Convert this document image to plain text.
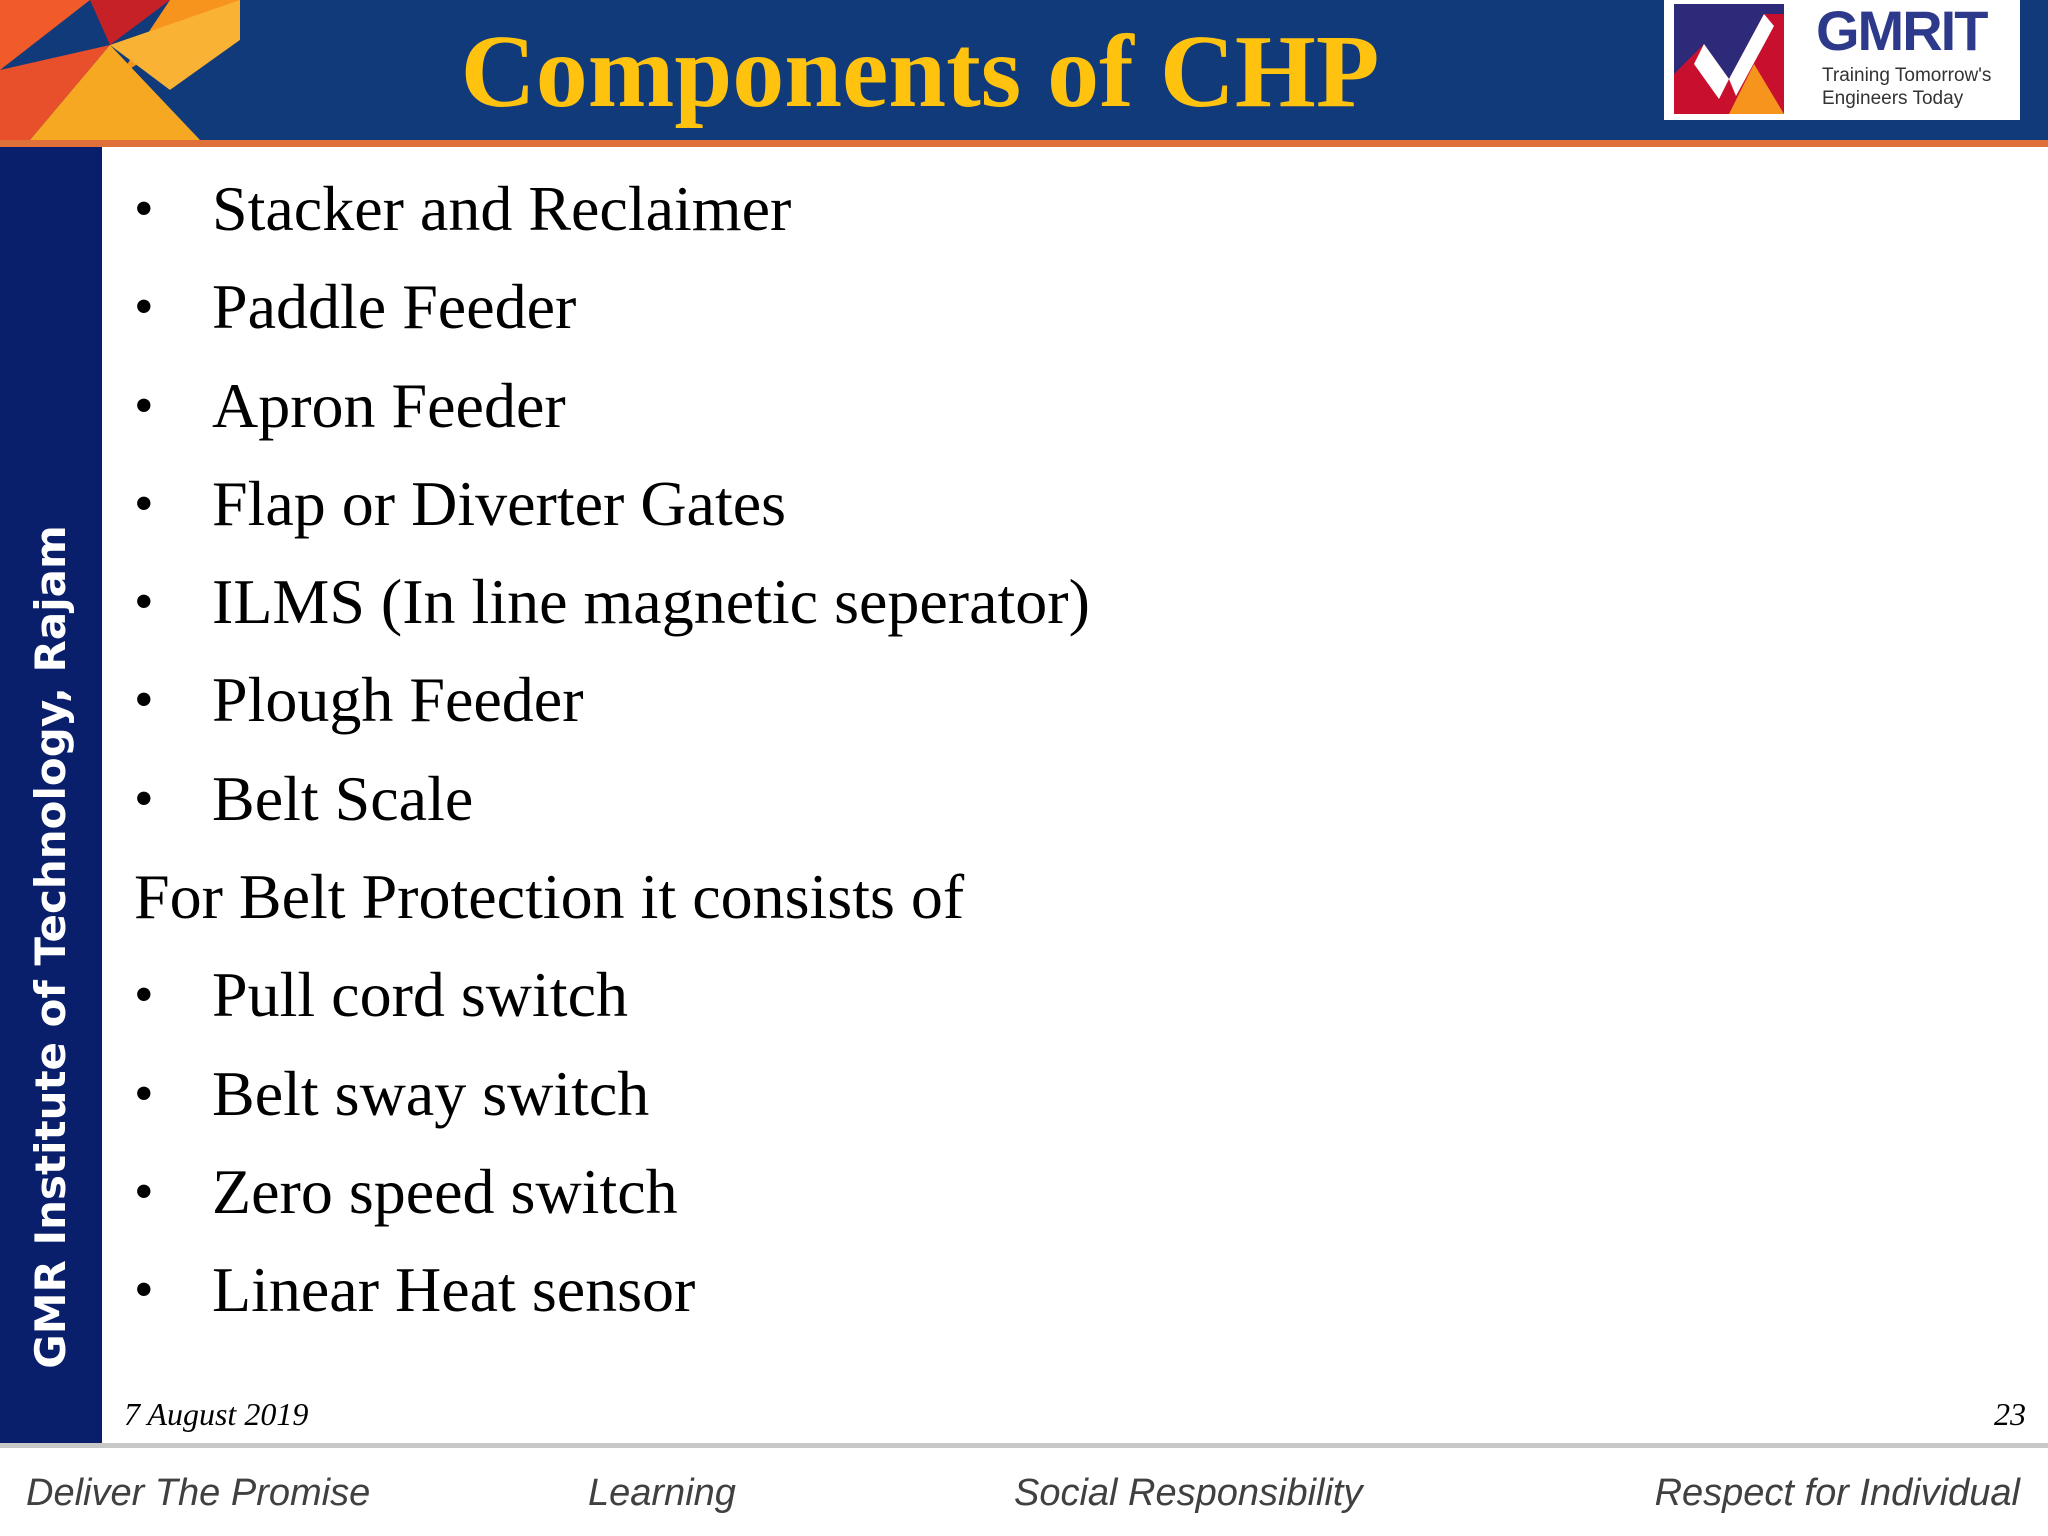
Components of CHP	GMRIT
Training Tomorrow's
Engineers Today
GMR Institute of Technology, Rajam
• Stacker and Reclaimer
• Paddle Feeder
• Apron Feeder
• Flap or Diverter Gates
• ILMS (In line magnetic seperator)
• Plough Feeder
• Belt Scale
For Belt Protection it consists of
• Pull cord switch
• Belt sway switch
• Zero speed switch
• Linear Heat sensor
7 August 2019	23
Deliver The Promise	Learning	Social Responsibility	Respect for Individual
